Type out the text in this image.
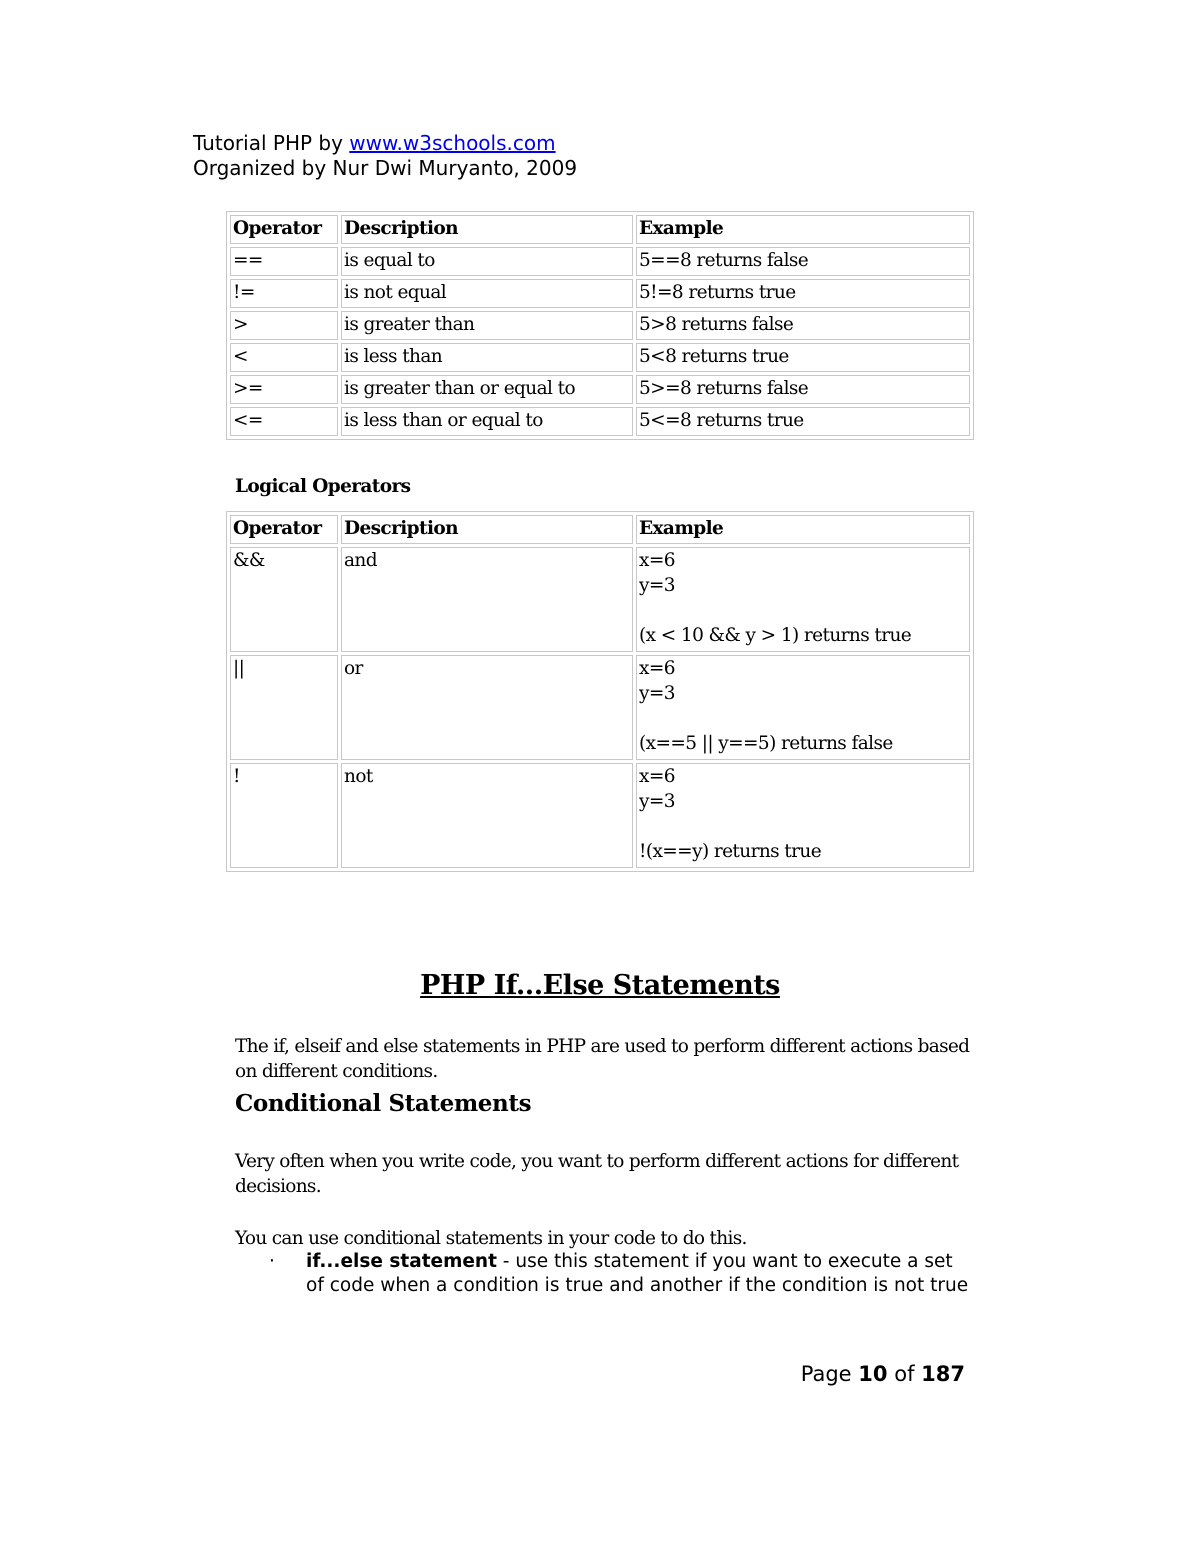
Tutorial PHP by www.w3schools.com
Organized by Nur Dwi Muryanto, 2009
Operator	Description	Example
==	is equal to	5==8 returns false
!=	is not equal	5!=8 returns true
>	is greater than	5>8 returns false
<	is less than	5<8 returns true
>=	is greater than or equal to	5>=8 returns false
<=	is less than or equal to	5<=8 returns true
Logical Operators
Operator	Description	Example
&&	and	x=6
y=3
(x < 10 && y > 1) returns true

||	or	x=6
y=3
(x==5 || y==5) returns false

!	not	x=6
y=3
!(x==y) returns true
PHP If...Else Statements

The if, elseif and else statements in PHP are used to perform different actions based on different conditions.

Conditional Statements

Very often when you write code, you want to perform different actions for different decisions.

You can use conditional statements in your code to do this.

· if...else statement - use this statement if you want to execute a set of code when a condition is true and another if the condition is not true
Page 10 of 187
